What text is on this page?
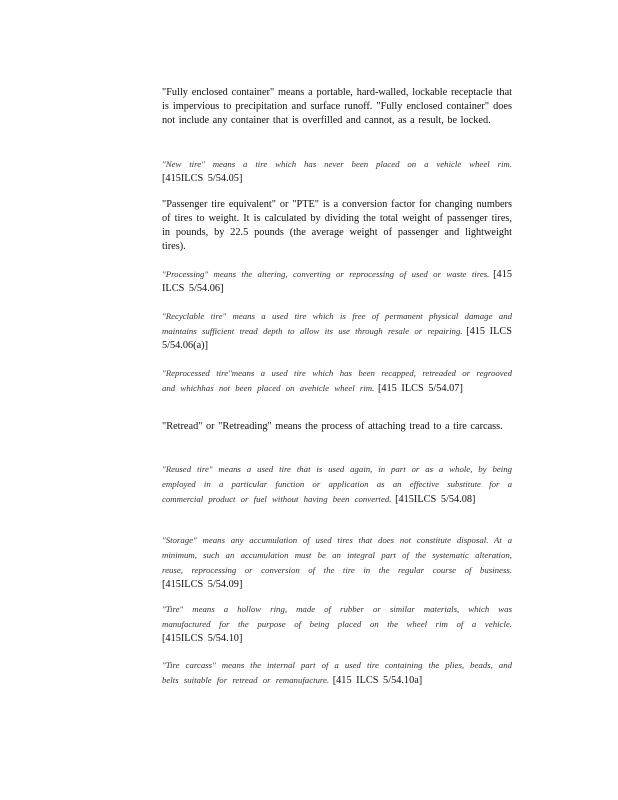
"Fully enclosed container" means a portable, hard-walled, lockable receptacle that is impervious to precipitation and surface runoff. "Fully enclosed container" does not include any container that is overfilled and cannot, as a result, be locked.
"New tire" means a tire which has never been placed on a vehicle wheel rim. [415ILCS 5/54.05]
"Passenger tire equivalent" or "PTE" is a conversion factor for changing numbers of tires to weight. It is calculated by dividing the total weight of passenger tires, in pounds, by 22.5 pounds (the average weight of passenger and lightweight tires).
"Processing" means the altering, converting or reprocessing of used or waste tires. [415 ILCS 5/54.06]
"Recyclable tire" means a used tire which is free of permanent physical damage and maintains sufficient tread depth to allow its use through resale or repairing. [415 ILCS 5/54.06(a)]
"Reprocessed tire"means a used tire which has been recapped, retreaded or regrooved and whichhas not been placed on avehicle wheel rim. [415 ILCS 5/54.07]
"Retread" or "Retreading" means the process of attaching tread to a tire carcass.
"Reused tire" means a used tire that is used again, in part or as a whole, by being employed in a particular function or application as an effective substitute for a commercial product or fuel without having been converted. [415ILCS 5/54.08]
"Storage" means any accumulation of used tires that does not constitute disposal. At a minimum, such an accumulation must be an integral part of the systematic alteration, reuse, reprocessing or conversion of the tire in the regular course of business. [415ILCS 5/54.09]
"Tire" means a hollow ring, made of rubber or similar materials, which was manufactured for the purpose of being placed on the wheel rim of a vehicle. [415ILCS 5/54.10]
"Tire carcass" means the internal part of a used tire containing the plies, beads, and belts suitable for retread or remanufacture. [415 ILCS 5/54.10a]
